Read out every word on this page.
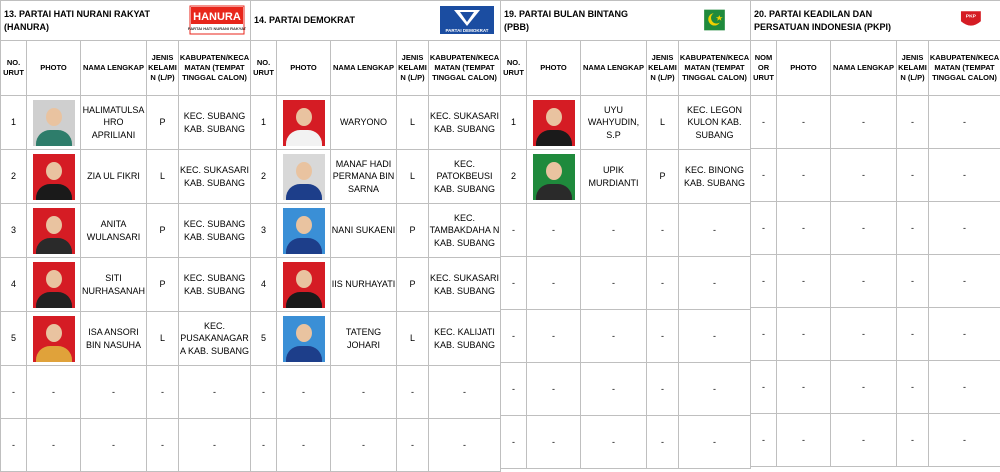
13. PARTAI HATI NURANI RAKYAT (HANURA)
HANURA
PARTAI HATI NURANI RAKYAT				

NO. URUT	PHOTO	NAMA LENGKAP	JENIS KELAMI N (L/P)	KABUPATEN/KECA MATAN (TEMPAT TINGGAL CALON)
1		HALIMATULSA HRO APRILIANI	P	KEC. SUBANG KAB. SUBANG
2		ZIA UL FIKRI	L	KEC. SUKASARI KAB. SUBANG
3		ANITA WULANSARI	P	KEC. SUBANG KAB. SUBANG
4		SITI NURHASANAH	P	KEC. SUBANG KAB. SUBANG
5		ISA ANSORI BIN NASUHA	L	KEC. PUSAKANAGAR A KAB. SUBANG
-	-	-	-	-
-	-	-	-	-
14. PARTAI DEMOKRAT
PARTAI DEMOKRAT				

NO. URUT	PHOTO	NAMA LENGKAP	JENIS KELAMI N (L/P)	KABUPATEN/KECA MATAN (TEMPAT TINGGAL CALON)
1		WARYONO	L	KEC. SUKASARI KAB. SUBANG
2		MANAF HADI PERMANA BIN SARNA	L	KEC. PATOKBEUSI KAB. SUBANG
3		NANI SUKAENI	P	KEC. TAMBAKDAHA N KAB. SUBANG
4		IIS NURHAYATI	P	KEC. SUKASARI KAB. SUBANG
5		TATENG JOHARI	L	KEC. KALIJATI KAB. SUBANG
-	-	-	-	-
-	-	-	-	-
19. PARTAI BULAN BINTANG (PBB)				

NO. URUT	PHOTO	NAMA LENGKAP	JENIS KELAMI N (L/P)	KABUPATEN/KECA MATAN (TEMPAT TINGGAL CALON)
1		UYU WAHYUDIN, S.P	L	KEC. LEGON KULON KAB. SUBANG
2		UPIK MURDIANTI	P	KEC. BINONG KAB. SUBANG
-	-	-	-	-
-	-	-	-	-
-	-	-	-	-
-	-	-	-	-
-	-	-	-	-
20. PARTAI KEADILAN DAN PERSATUAN INDONESIA (PKPI)
PKP				

NOM OR URUT	PHOTO	NAMA LENGKAP	JENIS KELAMI N (L/P)	KABUPATEN/KECA MATAN (TEMPAT TINGGAL CALON)
-	-	-	-	-
-	-	-	-	-
-	-	-	-	-
-	-	-	-	-
-	-	-	-	-
-	-	-	-	-
-	-	-	-	-
